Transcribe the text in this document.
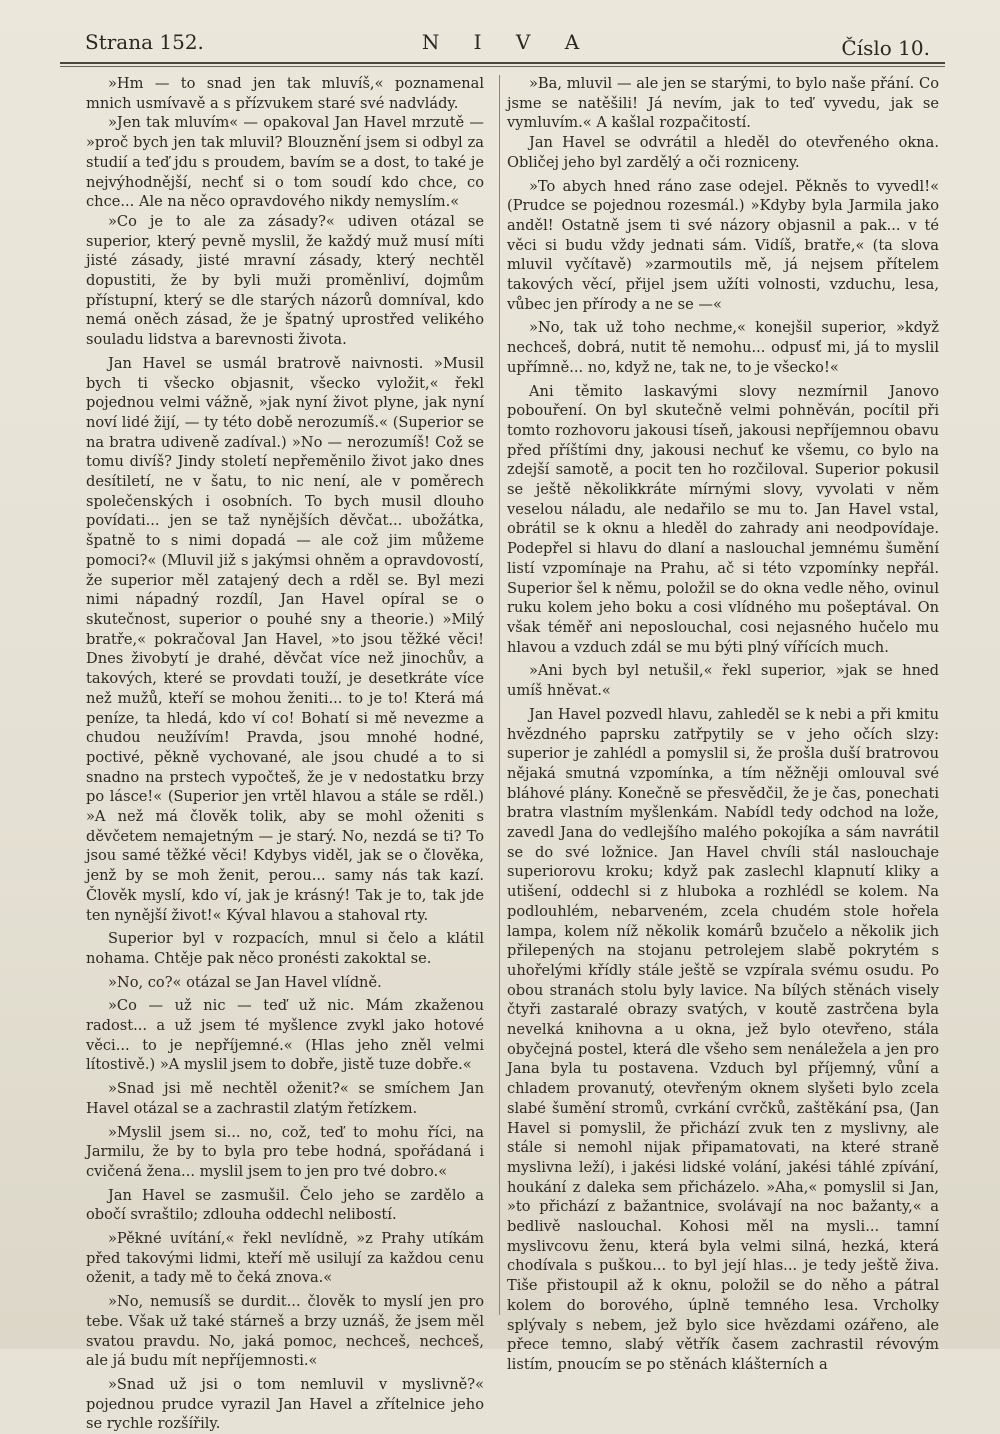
Strana 152.	N I V A	Číslo 10.

»Hm — to snad jen tak mluvíš,« poznamenal mnich usmívavě a s přízvukem staré své nadvlády.

»Jen tak mluvím« — opakoval Jan Havel mrzutě — »proč bych jen tak mluvil? Blouznění jsem si odbyl za studií a teď jdu s proudem, bavím se a dost, to také je nejvýhodnější, nechť si o tom soudí kdo chce, co chce... Ale na něco opravdového nikdy nemyslím.«

»Co je to ale za zásady?« udiven otázal se superior, který pevně myslil, že každý muž musí míti jisté zásady, jisté mravní zásady, který nechtěl dopustiti, že by byli muži proměnliví, dojmům přístupní, který se dle starých názorů domníval, kdo nemá oněch zásad, že je špatný uprostřed velikého souladu lidstva a barevnosti života.

Jan Havel se usmál bratrově naivnosti. »Musil bych ti všecko objasnit, všecko vyložit,« řekl pojednou velmi vážně, »jak nyní život plyne, jak nyní noví lidé žijí, — ty této době nerozumíš.« (Superior se na bratra udiveně zadíval.) »No — nerozumíš! Což se tomu divíš? Jindy století nepřeměnilo život jako dnes desítiletí, ne v šatu, to nic není, ale v poměrech společenských i osobních. To bych musil dlouho povídati... jen se taž nynějších děvčat... ubožátka, špatně to s nimi dopadá — ale což jim můžeme pomoci?« (Mluvil již s jakýmsi ohněm a opravdovostí, že superior měl zatajený dech a rděl se. Byl mezi nimi nápadný rozdíl, Jan Havel opíral se o skutečnost, superior o pouhé sny a theorie.) »Milý bratře,« pokračoval Jan Havel, »to jsou těžké věci! Dnes živobytí je drahé, děvčat více než jinochův, a takových, které se provdati touží, je desetkráte více než mužů, kteří se mohou ženiti... to je to! Která má peníze, ta hledá, kdo ví co! Bohatí si mě nevezme a chudou neužívím! Pravda, jsou mnohé hodné, poctivé, pěkně vychované, ale jsou chudé a to si snadno na prstech vypočteš, že je v nedostatku brzy po lásce!« (Superior jen vrtěl hlavou a stále se rděl.) »A než má člověk tolik, aby se mohl oženiti s děvčetem nemajetným — je starý. No, nezdá se ti? To jsou samé těžké věci! Kdybys viděl, jak se o člověka, jenž by se moh ženit, perou... samy nás tak kazí. Člověk myslí, kdo ví, jak je krásný! Tak je to, tak jde ten nynější život!« Kýval hlavou a stahoval rty.

Superior byl v rozpacích, mnul si čelo a klátil nohama. Chtěje pak něco pronésti zakoktal se.

»No, co?« otázal se Jan Havel vlídně.

»Co — už nic — teď už nic. Mám zkaženou radost... a už jsem té myšlence zvykl jako hotové věci... to je nepříjemné.« (Hlas jeho zněl velmi lítostivě.) »A myslil jsem to dobře, jistě tuze dobře.«

»Snad jsi mě nechtěl oženit?« se smíchem Jan Havel otázal se a zachrastil zlatým řetízkem.

»Myslil jsem si... no, což, teď to mohu říci, na Jarmilu, že by to byla pro tebe hodná, spořádaná i cvičená žena... myslil jsem to jen pro tvé dobro.«

Jan Havel se zasmušil. Čelo jeho se zardělo a obočí svraštilo; zdlouha oddechl nelibostí.

»Pěkné uvítání,« řekl nevlídně, »z Prahy utíkám před takovými lidmi, kteří mě usilují za každou cenu oženit, a tady mě to čeká znova.«

»No, nemusíš se durdit... člověk to myslí jen pro tebe. Však už také stárneš a brzy uznáš, že jsem měl svatou pravdu. No, jaká pomoc, nechceš, nechceš, ale já budu mít nepříjemnosti.«

»Snad už jsi o tom nemluvil v myslivně?« pojednou prudce vyrazil Jan Havel a zřítelnice jeho se rychle rozšířily.

»Ba, mluvil — ale jen se starými, to bylo naše přání. Co jsme se natěšili! Já nevím, jak to teď vyvedu, jak se vymluvím.« A kašlal rozpačitostí.

Jan Havel se odvrátil a hleděl do otevřeného okna. Obličej jeho byl zardělý a oči rozniceny.

»To abych hned ráno zase odejel. Pěkněs to vyvedl!« (Prudce se pojednou rozesmál.) »Kdyby byla Jarmila jako anděl! Ostatně jsem ti své názory objasnil a pak... v té věci si budu vždy jednati sám. Vidíš, bratře,« (ta slova mluvil vyčítavě) »zarmoutils mě, já nejsem přítelem takových věcí, přijel jsem užíti volnosti, vzduchu, lesa, vůbec jen přírody a ne se —«

»No, tak už toho nechme,« konejšil superior, »když nechceš, dobrá, nutit tě nemohu... odpusť mi, já to myslil upřímně... no, když ne, tak ne, to je všecko!«

Ani těmito laskavými slovy nezmírnil Janovo pobouření. On byl skutečně velmi pohněván, pocítil při tomto rozhovoru jakousi tíseň, jakousi nepříjemnou obavu před příštími dny, jakousi nechuť ke všemu, co bylo na zdejší samotě, a pocit ten ho rozčiloval. Superior pokusil se ještě několikkráte mírnými slovy, vyvolati v něm veselou náladu, ale nedařilo se mu to. Jan Havel vstal, obrátil se k oknu a hleděl do zahrady ani neodpovídaje. Podepřel si hlavu do dlaní a naslouchal jemnému šumění listí vzpomínaje na Prahu, ač si této vzpomínky nepřál. Superior šel k němu, položil se do okna vedle něho, ovinul ruku kolem jeho boku a cosi vlídného mu pošeptával. On však téměř ani neposlouchal, cosi nejasného hučelo mu hlavou a vzduch zdál se mu býti plný vířících much.

»Ani bych byl netušil,« řekl superior, »jak se hned umíš hněvat.«

Jan Havel pozvedl hlavu, zahleděl se k nebi a při kmitu hvězdného paprsku zatřpytily se v jeho očích slzy: superior je zahlédl a pomyslil si, že prošla duší bratrovou nějaká smutná vzpomínka, a tím něžněji omlouval své bláhové plány. Konečně se přesvědčil, že je čas, ponechati bratra vlastním myšlenkám. Nabídl tedy odchod na lože, zavedl Jana do vedlejšího malého pokojíka a sám navrátil se do své ložnice. Jan Havel chvíli stál naslouchaje superiorovu kroku; když pak zaslechl klapnutí kliky a utišení, oddechl si z hluboka a rozhlédl se kolem. Na podlouhlém, nebarveném, zcela chudém stole hořela lampa, kolem níž několik komárů bzučelo a několik jich přilepených na stojanu petrolejem slabě pokrytém s uhořelými křídly stále ještě se vzpírala svému osudu. Po obou stranách stolu byly lavice. Na bílých stěnách visely čtyři zastaralé obrazy svatých, v koutě zastrčena byla nevelká knihovna a u okna, jež bylo otevřeno, stála obyčejná postel, která dle všeho sem nenáležela a jen pro Jana byla tu postavena. Vzduch byl příjemný, vůní a chladem provanutý, otevřeným oknem slyšeti bylo zcela slabé šumění stromů, cvrkání cvrčků, zaštěkání psa, (Jan Havel si pomyslil, že přichází zvuk ten z myslivny, ale stále si nemohl nijak připamatovati, na které straně myslivna leží), i jakési lidské volání, jakési táhlé zpívání, houkání z daleka sem přicházelo. »Aha,« pomyslil si Jan, »to přichází z bažantnice, svolávají na noc bažanty,« a bedlivě naslouchal. Kohosi měl na mysli... tamní myslivcovu ženu, která byla velmi silná, hezká, která chodívala s puškou... to byl její hlas... je tedy ještě živa. Tiše přistoupil až k oknu, položil se do něho a pátral kolem do borového, úplně temného lesa. Vrcholky splývaly s nebem, jež bylo sice hvězdami ozářeno, ale přece temno, slabý větřík časem zachrastil révovým listím, pnoucím se po stěnách klášterních a
